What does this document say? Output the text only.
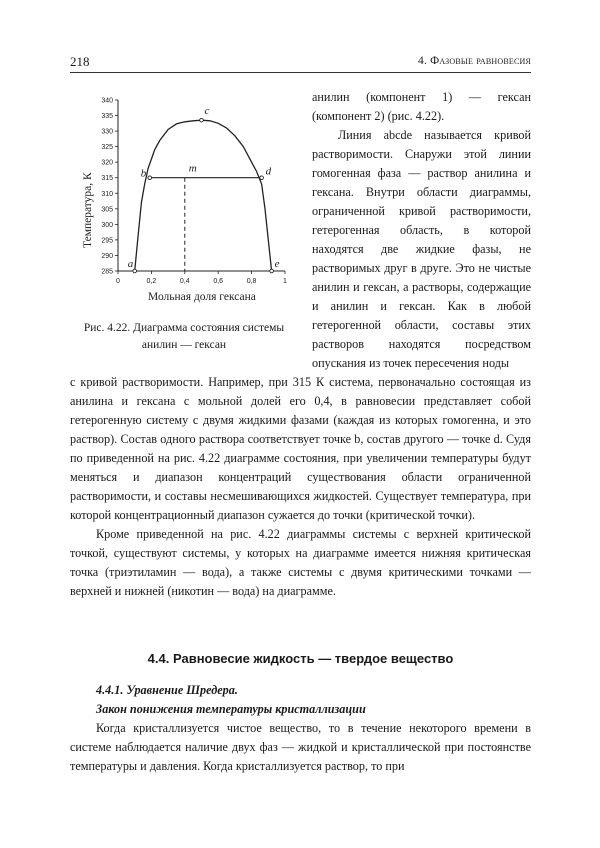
218	4. Фазовые равновесия
285
290
295
300
305
310
315
320
325
330
335
340
0	0,2	0,4	0,6	0,8	1
Температура, К
Мольная доля гексана
a
b
c
d
e
m
Рис. 4.22. Диаграмма состояния системы анилин — гексан

анилин (компонент 1) — гексан (компонент 2) (рис. 4.22).

Линия abcde называется кривой растворимости. Снаружи этой линии гомогенная фаза — раствор анилина и гексана. Внутри области диаграммы, ограниченной кривой растворимости, гетерогенная область, в которой находятся две жидкие фазы, не растворимых друг в друге. Это не чистые анилин и гексан, а растворы, содержащие и анилин и гексан. Как в любой гетерогенной области, составы этих растворов находятся посредством опускания из точек пересечения ноды

с кривой растворимости. Например, при 315 К система, первоначально состоящая из анилина и гексана с мольной долей его 0,4, в равновесии представляет собой гетерогенную систему с двумя жидкими фазами (каждая из которых гомогенна, и это раствор). Состав одного раствора соответствует точке b, состав другого — точке d. Судя по приведенной на рис. 4.22 диаграмме состояния, при увеличении температуры будут меняться и диапазон концентраций существования области ограниченной растворимости, и составы несмешивающихся жидкостей. Существует температура, при которой концентрационный диапазон сужается до точки (критической точки).

Кроме приведенной на рис. 4.22 диаграммы системы с верхней критической точкой, существуют системы, у которых на диаграмме имеется нижняя критическая точка (триэтиламин — вода), а также системы с двумя критическими точками — верхней и нижней (никотин — вода) на диаграмме.

4.4. Равновесие жидкость — твердое вещество
4.4.1. Уравнение Шредера.
Закон понижения температуры кристаллизации

Когда кристаллизуется чистое вещество, то в течение некоторого времени в системе наблюдается наличие двух фаз — жидкой и кристаллической при постоянстве температуры и давления. Когда кристаллизуется раствор, то при
